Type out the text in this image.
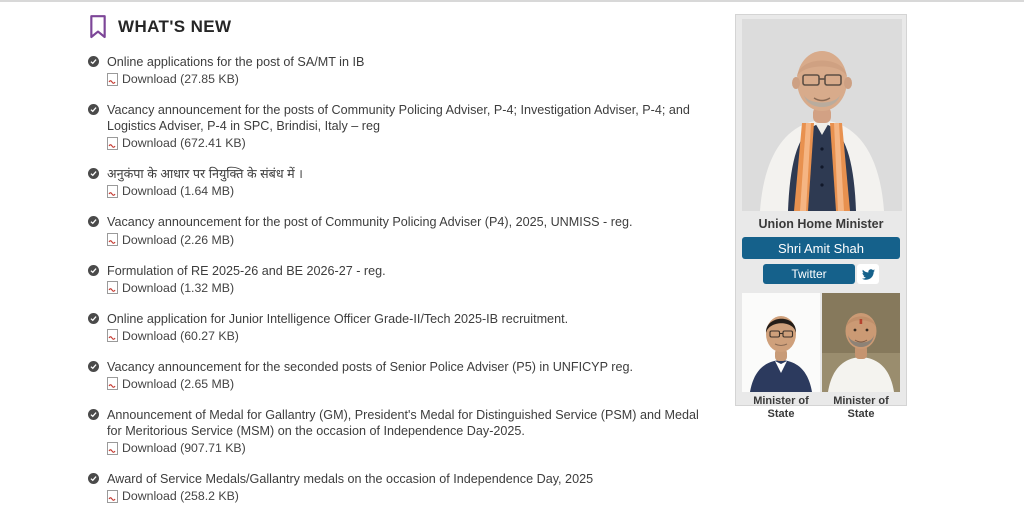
WHAT'S NEW
Online applications for the post of SA/MT in IB
Download (27.85 KB)
Vacancy announcement for the posts of Community Policing Adviser, P-4; Investigation Adviser, P-4; and Logistics Adviser, P-4 in SPC, Brindisi, Italy – reg
Download (672.41 KB)
अनुकंपा के आधार पर नियुक्ति के संबंध में ।
Download (1.64 MB)
Vacancy announcement for the post of Community Policing Adviser (P4), 2025, UNMISS - reg.
Download (2.26 MB)
Formulation of RE 2025-26 and BE 2026-27 - reg.
Download (1.32 MB)
Online application for Junior Intelligence Officer Grade-II/Tech 2025-IB recruitment.
Download (60.27 KB)
Vacancy announcement for the seconded posts of Senior Police Adviser (P5) in UNFICYP reg.
Download (2.65 MB)
Announcement of Medal for Gallantry (GM), President's Medal for Distinguished Service (PSM) and Medal for Meritorious Service (MSM) on the occasion of Independence Day-2025.
Download (907.71 KB)
Award of Service Medals/Gallantry medals on the occasion of Independence Day, 2025
Download (258.2 KB)
Union Home Minister
Shri Amit Shah
Twitter
Minister of
State
Minister of
State
